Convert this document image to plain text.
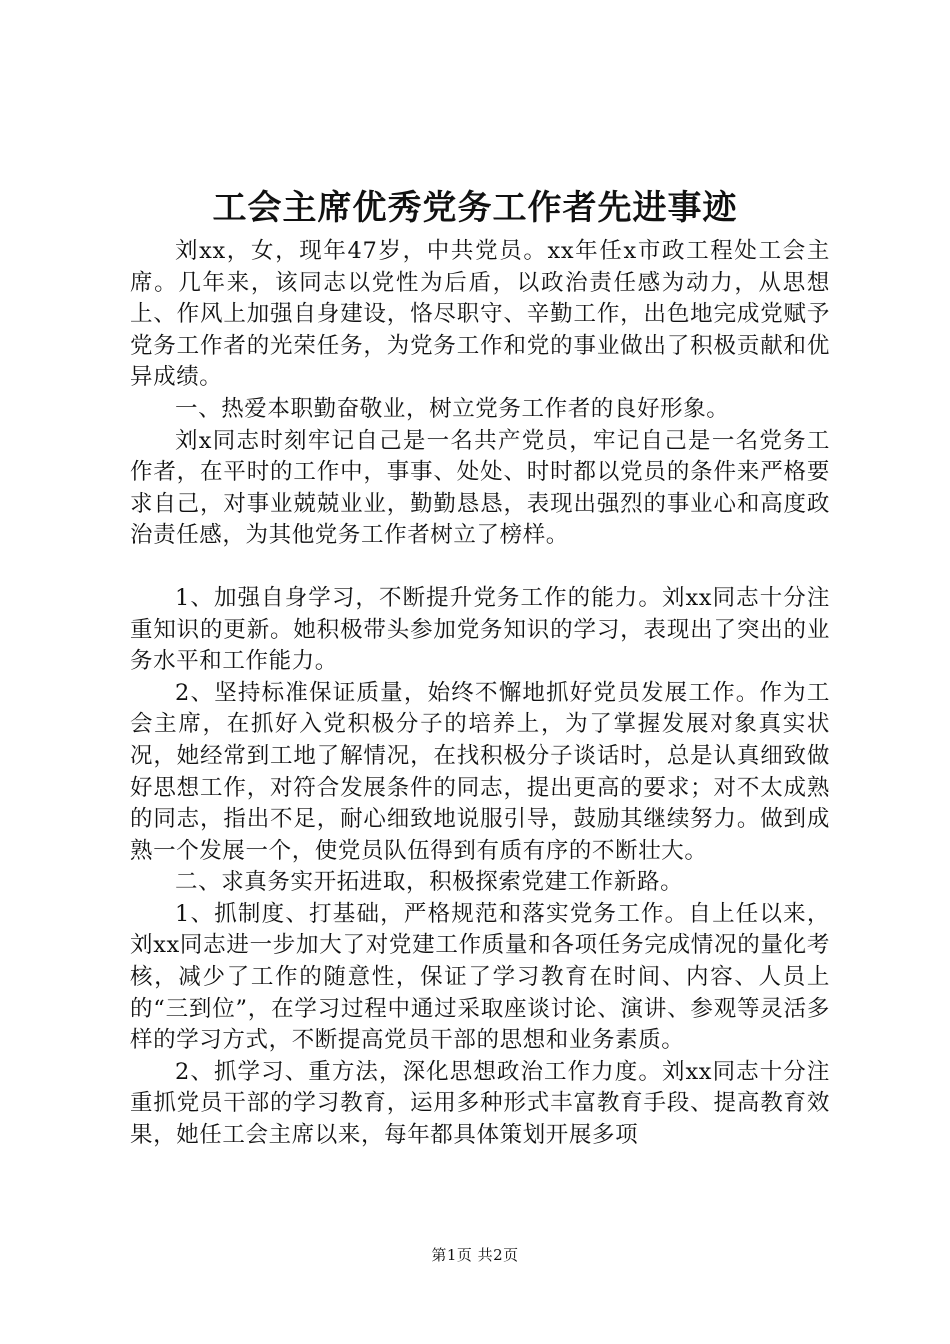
工会主席优秀党务工作者先进事迹

刘xx，女，现年47岁，中共党员。xx年任x市政工程处工会主席。几年来，该同志以党性为后盾，以政治责任感为动力，从思想上、作风上加强自身建设，恪尽职守、辛勤工作，出色地完成党赋予党务工作者的光荣任务，为党务工作和党的事业做出了积极贡献和优异成绩。

一、热爱本职勤奋敬业，树立党务工作者的良好形象。

刘x同志时刻牢记自己是一名共产党员，牢记自己是一名党务工作者，在平时的工作中，事事、处处、时时都以党员的条件来严格要求自己，对事业兢兢业业，勤勤恳恳，表现出强烈的事业心和高度政治责任感，为其他党务工作者树立了榜样。

1、加强自身学习，不断提升党务工作的能力。刘xx同志十分注重知识的更新。她积极带头参加党务知识的学习，表现出了突出的业务水平和工作能力。

2、坚持标准保证质量，始终不懈地抓好党员发展工作。作为工会主席，在抓好入党积极分子的培养上，为了掌握发展对象真实状况，她经常到工地了解情况，在找积极分子谈话时，总是认真细致做好思想工作，对符合发展条件的同志，提出更高的要求；对不太成熟的同志，指出不足，耐心细致地说服引导，鼓励其继续努力。做到成熟一个发展一个，使党员队伍得到有质有序的不断壮大。

二、求真务实开拓进取，积极探索党建工作新路。

1、抓制度、打基础，严格规范和落实党务工作。自上任以来，刘xx同志进一步加大了对党建工作质量和各项任务完成情况的量化考核，减少了工作的随意性，保证了学习教育在时间、内容、人员上的“三到位”，在学习过程中通过采取座谈讨论、演讲、参观等灵活多样的学习方式，不断提高党员干部的思想和业务素质。

2、抓学习、重方法，深化思想政治工作力度。刘xx同志十分注重抓党员干部的学习教育，运用多种形式丰富教育手段、提高教育效果，她任工会主席以来，每年都具体策划开展多项

第1页 共2页
